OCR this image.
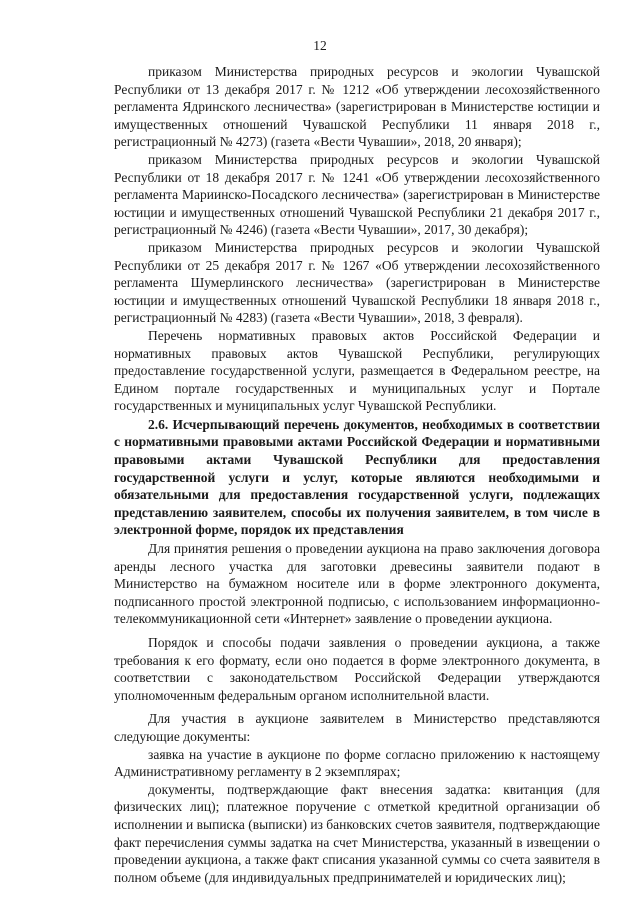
12

приказом Министерства природных ресурсов и экологии Чувашской Республики от 13 декабря 2017 г. № 1212 «Об утверждении лесохозяйственного регламента Ядринского лесничества» (зарегистрирован в Министерстве юстиции и имущественных отношений Чувашской Республики 11 января 2018 г., регистрационный № 4273) (газета «Вести Чувашии», 2018, 20 января);

приказом Министерства природных ресурсов и экологии Чувашской Республики от 18 декабря 2017 г. № 1241 «Об утверждении лесохозяйственного регламента Мариинско-Посадского лесничества» (зарегистрирован в Министерстве юстиции и имущественных отношений Чувашской Республики 21 декабря 2017 г., регистрационный № 4246) (газета «Вести Чувашии», 2017, 30 декабря);

приказом Министерства природных ресурсов и экологии Чувашской Республики от 25 декабря 2017 г. № 1267 «Об утверждении лесохозяйственного регламента Шумерлинского лесничества» (зарегистрирован в Министерстве юстиции и имущественных отношений Чувашской Республики 18 января 2018 г., регистрационный № 4283) (газета «Вести Чувашии», 2018, 3 февраля).

Перечень нормативных правовых актов Российской Федерации и нормативных правовых актов Чувашской Республики, регулирующих предоставление государственной услуги, размещается в Федеральном реестре, на Едином портале государственных и муниципальных услуг и Портале государственных и муниципальных услуг Чувашской Республики.

2.6. Исчерпывающий перечень документов, необходимых в соответствии с нормативными правовыми актами Российской Федерации и нормативными правовыми актами Чувашской Республики для предоставления государственной услуги и услуг, которые являются необходимыми и обязательными для предоставления государственной услуги, подлежащих представлению заявителем, способы их получения заявителем, в том числе в электронной форме, порядок их представления

Для принятия решения о проведении аукциона на право заключения договора аренды лесного участка для заготовки древесины заявители подают в Министерство на бумажном носителе или в форме электронного документа, подписанного простой электронной подписью, с использованием информационно-телекоммуникационной сети «Интернет» заявление о проведении аукциона.

Порядок и способы подачи заявления о проведении аукциона, а также требования к его формату, если оно подается в форме электронного документа, в соответствии с законодательством Российской Федерации утверждаются уполномоченным федеральным органом исполнительной власти.

Для участия в аукционе заявителем в Министерство представляются следующие документы:

заявка на участие в аукционе по форме согласно приложению к настоящему Административному регламенту в 2 экземплярах;

документы, подтверждающие факт внесения задатка: квитанция (для физических лиц); платежное поручение с отметкой кредитной организации об исполнении и выписка (выписки) из банковских счетов заявителя, подтверждающие факт перечисления суммы задатка на счет Министерства, указанный в извещении о проведении аукциона, а также факт списания указанной суммы со счета заявителя в полном объеме (для индивидуальных предпринимателей и юридических лиц);
